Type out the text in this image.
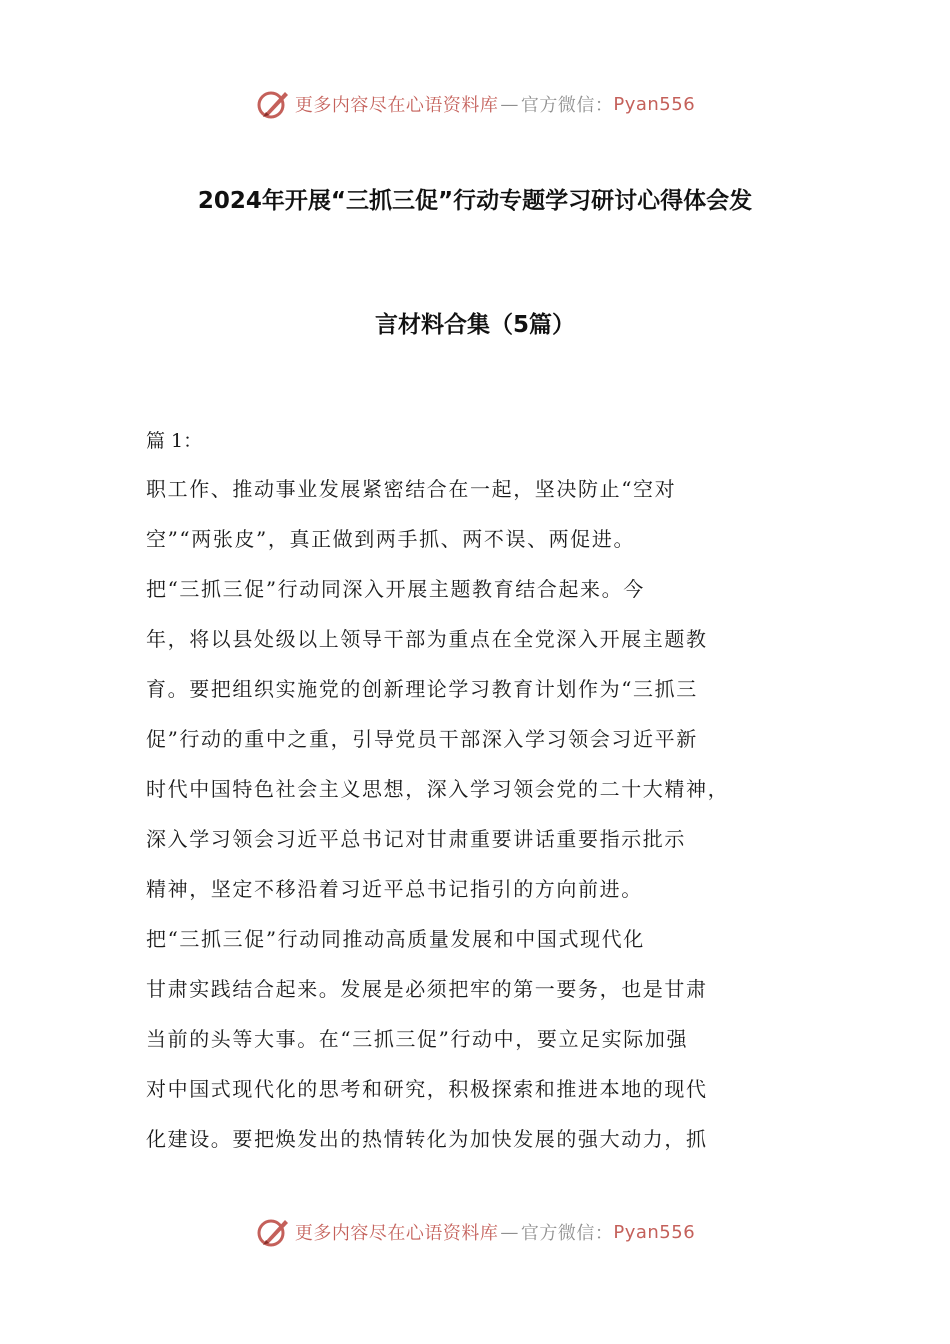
更多内容尽在心语资料库 — 官方微信： Pyan556
2024年开展“三抓三促”行动专题学习研讨心得体会发
言材料合集（5篇）
篇 1：
职工作、推动事业发展紧密结合在一起，坚决防止“空对
空”“两张皮”，真正做到两手抓、两不误、两促进。
把“三抓三促”行动同深入开展主题教育结合起来。今
年，将以县处级以上领导干部为重点在全党深入开展主题教
育。要把组织实施党的创新理论学习教育计划作为“三抓三
促”行动的重中之重，引导党员干部深入学习领会习近平新
时代中国特色社会主义思想，深入学习领会党的二十大精神，
深入学习领会习近平总书记对甘肃重要讲话重要指示批示
精神，坚定不移沿着习近平总书记指引的方向前进。
把“三抓三促”行动同推动高质量发展和中国式现代化
甘肃实践结合起来。发展是必须把牢的第一要务，也是甘肃
当前的头等大事。在“三抓三促”行动中，要立足实际加强
对中国式现代化的思考和研究，积极探索和推进本地的现代
化建设。要把焕发出的热情转化为加快发展的强大动力，抓
更多内容尽在心语资料库 — 官方微信： Pyan556
